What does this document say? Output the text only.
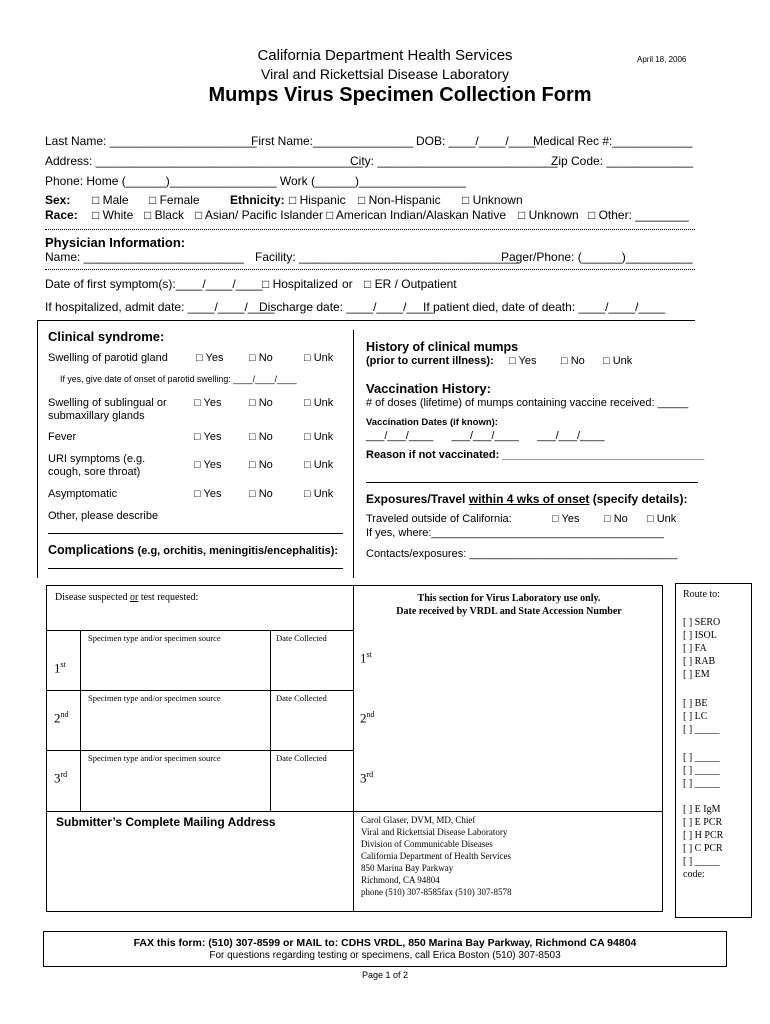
California Department Health Services
Viral and Rickettsial Disease Laboratory
April 18, 2006
Mumps Virus Specimen Collection Form
Last Name: ______________________
First Name:_______________ DOB: ____/____/____
Medical Rec #:____________
Address: ________________________________________
City: ___________________________
Zip Code: _____________
Phone: Home (______)________________ Work (______)________________
Sex: □ Male □ Female	Ethnicity: □ Hispanic □ Non-Hispanic □ Unknown
Race: □ White □ Black □ Asian/ Pacific Islander □ American Indian/Alaskan Native □ Unknown □ Other: ________
Physician Information:
Name: ________________________ Facility: _________________________________
Pager/Phone: (______)__________
Date of first symptom(s):____/____/____ □ Hospitalized or □ ER / Outpatient
If hospitalized, admit date: ____/____/____
Discharge date: ____/____/____
If patient died, date of death: ____/____/____
Clinical syndrome:
Swelling of parotid gland	□ Yes □ No	□ Unk
If yes, give date of onset of parotid swelling: ____/____/____
Swelling of sublingual or
submaxillary glands
□ Yes	□ No	□ Unk
Fever	□ Yes	□ No	□ Unk
URI symptoms (e.g.
cough, sore throat)
□ Yes	□ No	□ Unk
Asymptomatic	□ Yes	□ No	□ Unk
Other, please describe
Complications (e.g, orchitis, meningitis/encephalitis):
History of clinical mumps
(prior to current illness): □ Yes □ No □ Unk
Vaccination History:
# of doses (lifetime) of mumps containing vaccine received: _____
Vaccination Dates (if known):
___/___/____      ___/___/____      ___/___/____
Reason if not vaccinated: _________________________________
Exposures/Travel within 4 wks of onset (specify details):
Traveled outside of California:	□ Yes □ No □ Unk
If yes, where:______________________________________
Contacts/exposures: __________________________________
Disease suspected or test requested:	This section for Virus Laboratory use only.
Date received by VRDL and State Accession Number
Specimen type and/or specimen source	Date Collected
1st	1st
Specimen type and/or specimen source	Date Collected
2nd	2nd
Specimen type and/or specimen source	Date Collected
3rd	3rd
Submitter’s Complete Mailing Address	Carol Glaser, DVM, MD, Chief
Viral and Rickettsial Disease Laboratory
Division of Communicable Diseases
California Department of Health Services
850 Marina Bay Parkway
Richmond, CA 94804
phone (510) 307-8585fax (510) 307-8578
Route to:
[ ] SERO
[ ] ISOL
[ ] FA
[ ] RAB
[ ] EM
[ ] BE
[ ] LC
[ ] _____
[ ] _____
[ ] _____
[ ] _____
[ ] E IgM
[ ] E PCR
[ ] H PCR
[ ] C PCR
[ ] _____
code:
FAX this form: (510) 307-8599 or MAIL to: CDHS VRDL, 850 Marina Bay Parkway, Richmond CA 94804
For questions regarding testing or specimens, call Erica Boston (510) 307-8503
Page 1 of 2
